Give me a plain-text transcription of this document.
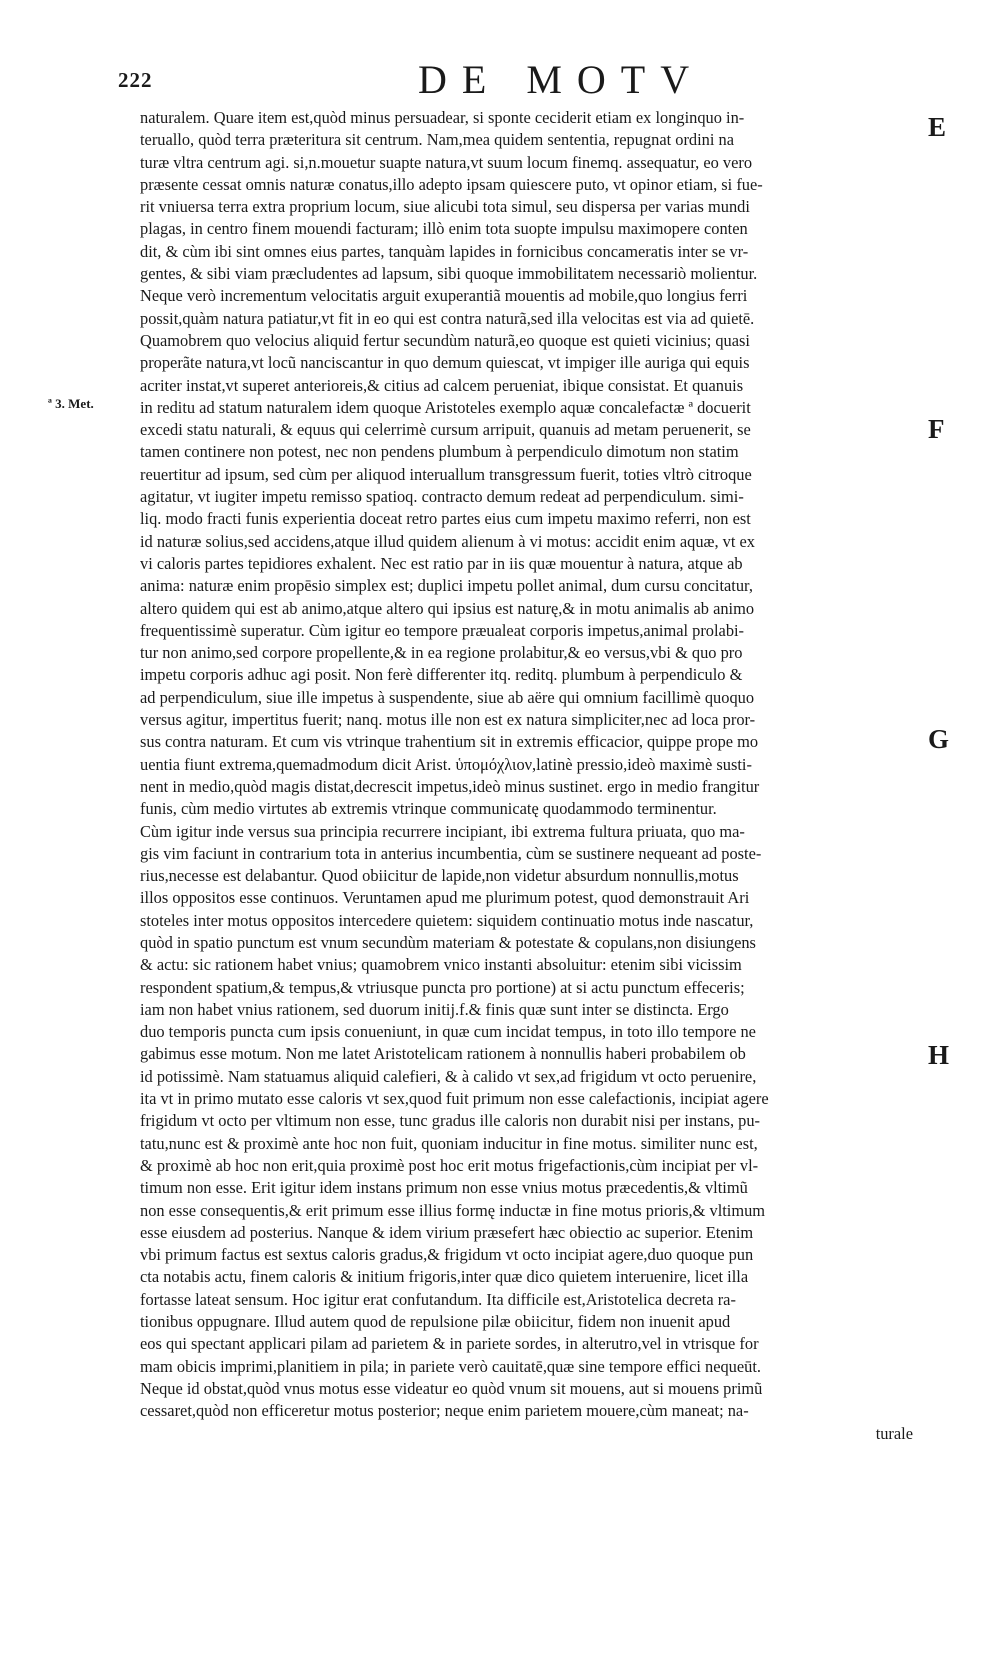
222	DE MOTV
ª 3. Met.
E
F
G
H
naturalem. Quare item est,quòd minus persuadear, si sponte ceciderit etiam ex longinquo in-
teruallo, quòd terra præteritura sit centrum. Nam,mea quidem sententia, repugnat ordini na
turæ vltra centrum agi. si,n.mouetur suapte natura,vt suum locum finemq. assequatur, eo vero
præsente cessat omnis naturæ conatus,illo adepto ipsam quiescere puto, vt opinor etiam, si fue-
rit vniuersa terra extra proprium locum, siue alicubi tota simul, seu dispersa per varias mundi
plagas, in centro finem mouendi facturam; illò enim tota suopte impulsu maximopere conten
dit, & cùm ibi sint omnes eius partes, tanquàm lapides in fornicibus concameratis inter se vr-
gentes, & sibi viam præcludentes ad lapsum, sibi quoque immobilitatem necessariò molientur.
Neque verò incrementum velocitatis arguit exuperantiã mouentis ad mobile,quo longius ferri
possit,quàm natura patiatur,vt fit in eo qui est contra naturã,sed illa velocitas est via ad quietē.
Quamobrem quo velocius aliquid fertur secundùm naturã,eo quoque est quieti vicinius; quasi
properãte natura,vt locũ nanciscantur in quo demum quiescat, vt impiger ille auriga qui equis
acriter instat,vt superet anterioreis,& citius ad calcem perueniat, ibique consistat. Et quanuis
in reditu ad statum naturalem idem quoque Aristoteles exemplo aquæ concalefactæ ª docuerit
excedi statu naturali, & equus qui celerrimè cursum arripuit, quanuis ad metam peruenerit, se
tamen continere non potest, nec non pendens plumbum à perpendiculo dimotum non statim
reuertitur ad ipsum, sed cùm per aliquod interuallum transgressum fuerit, toties vltrò citroque
agitatur, vt iugiter impetu remisso spatioq. contracto demum redeat ad perpendiculum. simi-
liq. modo fracti funis experientia doceat retro partes eius cum impetu maximo referri, non est
id naturæ solius,sed accidens,atque illud quidem alienum à vi motus: accidit enim aquæ, vt ex
vi caloris partes tepidiores exhalent. Nec est ratio par in iis quæ mouentur à natura, atque ab
anima: naturæ enim propēsio simplex est; duplici impetu pollet animal, dum cursu concitatur,
altero quidem qui est ab animo,atque altero qui ipsius est naturę,& in motu animalis ab animo
frequentissimè superatur. Cùm igitur eo tempore præualeat corporis impetus,animal prolabi-
tur non animo,sed corpore propellente,& in ea regione prolabitur,& eo versus,vbi & quo pro
impetu corporis adhuc agi posit. Non ferè differenter itq. reditq. plumbum à perpendiculo &
ad perpendiculum, siue ille impetus à suspendente, siue ab aëre qui omnium facillimè quoquo
versus agitur, impertitus fuerit; nanq. motus ille non est ex natura simpliciter,nec ad loca pror-
sus contra naturam. Et cum vis vtrinque trahentium sit in extremis efficacior, quippe prope mo
uentia fiunt extrema,quemadmodum dicit Arist. ὑπομόχλιον,latinè pressio,ideò maximè susti-
nent in medio,quòd magis distat,decrescit impetus,ideò minus sustinet. ergo in medio frangitur
funis, cùm medio virtutes ab extremis vtrinque communicatę quodammodo terminentur.
Cùm igitur inde versus sua principia recurrere incipiant, ibi extrema fultura priuata, quo ma-
gis vim faciunt in contrarium tota in anterius incumbentia, cùm se sustinere nequeant ad poste-
rius,necesse est delabantur. Quod obiicitur de lapide,non videtur absurdum nonnullis,motus
illos oppositos esse continuos. Veruntamen apud me plurimum potest, quod demonstrauit Ari
stoteles inter motus oppositos intercedere quietem: siquidem continuatio motus inde nascatur,
quòd in spatio punctum est vnum secundùm materiam & potestate & copulans,non disiungens
& actu: sic rationem habet vnius; quamobrem vnico instanti absoluitur: etenim sibi vicissim
respondent spatium,& tempus,& vtriusque puncta pro portione) at si actu punctum effeceris;
iam non habet vnius rationem, sed duorum initij.f.& finis quæ sunt inter se distincta. Ergo
duo temporis puncta cum ipsis conueniunt, in quæ cum incidat tempus, in toto illo tempore ne
gabimus esse motum. Non me latet Aristotelicam rationem à nonnullis haberi probabilem ob
id potissimè. Nam statuamus aliquid calefieri, & à calido vt sex,ad frigidum vt octo peruenire,
ita vt in primo mutato esse caloris vt sex,quod fuit primum non esse calefactionis, incipiat agere
frigidum vt octo per vltimum non esse, tunc gradus ille caloris non durabit nisi per instans, pu-
tatu,nunc est & proximè ante hoc non fuit, quoniam inducitur in fine motus. similiter nunc est,
& proximè ab hoc non erit,quia proximè post hoc erit motus frigefactionis,cùm incipiat per vl-
timum non esse. Erit igitur idem instans primum non esse vnius motus præcedentis,& vltimũ
non esse consequentis,& erit primum esse illius formę inductæ in fine motus prioris,& vltimum
esse eiusdem ad posterius. Nanque & idem virium præsefert hæc obiectio ac superior. Etenim
vbi primum factus est sextus caloris gradus,& frigidum vt octo incipiat agere,duo quoque pun
cta notabis actu, finem caloris & initium frigoris,inter quæ dico quietem interuenire, licet illa
fortasse lateat sensum. Hoc igitur erat confutandum. Ita difficile est,Aristotelica decreta ra-
tionibus oppugnare. Illud autem quod de repulsione pilæ obiicitur, fidem non inuenit apud
eos qui spectant applicari pilam ad parietem & in pariete sordes, in alterutro,vel in vtrisque for
mam obicis imprimi,planitiem in pila; in pariete verò cauitatē,quæ sine tempore effici nequeūt.
Neque id obstat,quòd vnus motus esse videatur eo quòd vnum sit mouens, aut si mouens primũ
cessaret,quòd non efficeretur motus posterior; neque enim parietem mouere,cùm maneat; na-
turale
